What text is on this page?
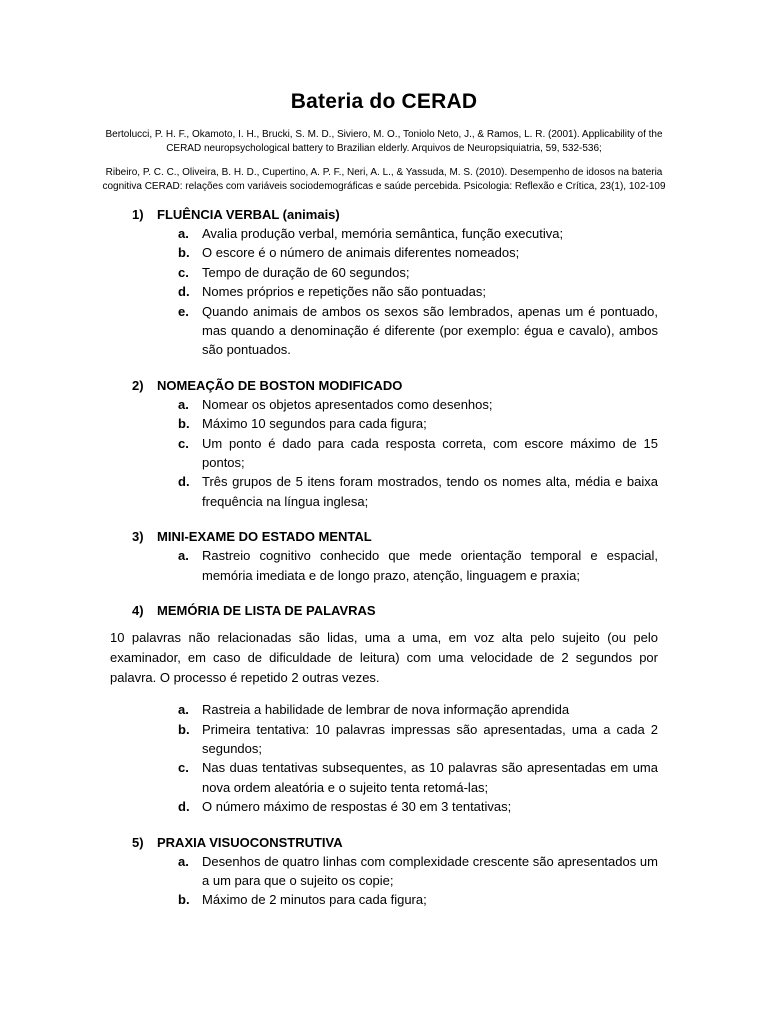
Bateria do CERAD

Bertolucci, P. H. F., Okamoto, I. H., Brucki, S. M. D., Siviero, M. O., Toniolo Neto, J., & Ramos, L. R. (2001). Applicability of the CERAD neuropsychological battery to Brazilian elderly. Arquivos de Neuropsiquiatria, 59, 532-536;

Ribeiro, P. C. C., Oliveira, B. H. D., Cupertino, A. P. F., Neri, A. L., & Yassuda, M. S. (2010). Desempenho de idosos na bateria cognitiva CERAD: relações com variáveis sociodemográficas e saúde percebida. Psicologia: Reflexão e Crítica, 23(1), 102-109

1)	FLUÊNCIA VERBAL (animais)
a.	Avalia produção verbal, memória semântica, função executiva;
b. O escore é o número de animais diferentes nomeados;
c.	Tempo de duração de 60 segundos;
d. Nomes próprios e repetições não são pontuadas;
e.	Quando animais de ambos os sexos são lembrados, apenas um é pontuado, mas quando a denominação é diferente (por exemplo: égua e cavalo), ambos são pontuados.
2)	NOMEAÇÃO DE BOSTON MODIFICADO
a.	Nomear os objetos apresentados como desenhos;
b. Máximo 10 segundos para cada figura;
c.	Um ponto é dado para cada resposta correta, com escore máximo de 15 pontos;
d. Três grupos de 5 itens foram mostrados, tendo os nomes alta, média e baixa frequência na língua inglesa;
3)	MINI-EXAME DO ESTADO MENTAL
a.	Rastreio cognitivo conhecido que mede orientação temporal e espacial, memória imediata e de longo prazo, atenção, linguagem e praxia;
4)	MEMÓRIA DE LISTA DE PALAVRAS

10 palavras não relacionadas são lidas, uma a uma, em voz alta pelo sujeito (ou pelo examinador, em caso de dificuldade de leitura) com uma velocidade de 2 segundos por palavra. O processo é repetido 2 outras vezes.

a.	Rastreia a habilidade de lembrar de nova informação aprendida
b. Primeira tentativa: 10 palavras impressas são apresentadas, uma a cada 2 segundos;
c.	Nas duas tentativas subsequentes, as 10 palavras são apresentadas em uma nova ordem aleatória e o sujeito tenta retomá-las;
d. O número máximo de respostas é 30 em 3 tentativas;
5)	PRAXIA VISUOCONSTRUTIVA
a.	Desenhos de quatro linhas com complexidade crescente são apresentados um a um para que o sujeito os copie;
b. Máximo de 2 minutos para cada figura;
